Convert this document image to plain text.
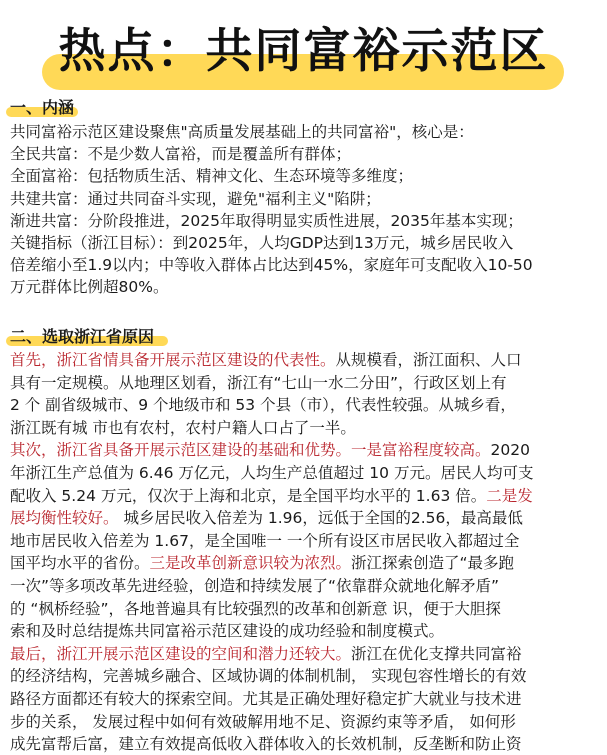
热点：共同富裕示范区
一、内涵
共同富裕示范区建设聚焦"高质量发展基础上的共同富裕"，核心是：
全民共富：不是少数人富裕，而是覆盖所有群体；
全面富裕：包括物质生活、精神文化、生态环境等多维度；
共建共富：通过共同奋斗实现，避免"福利主义"陷阱；
渐进共富：分阶段推进，2025年取得明显实质性进展，2035年基本实现；
关键指标（浙江目标）：到2025年，人均GDP达到13万元，城乡居民收入
倍差缩小至1.9以内；中等收入群体占比达到45%，家庭年可支配收入10-50
万元群体比例超80%。
二、选取浙江省原因
首先，浙江省情具备开展示范区建设的代表性。从规模看，浙江面积、人口
具有一定规模。从地理区划看，浙江有“七山一水二分田”，行政区划上有
2 个 副省级城市、9 个地级市和 53 个县（市），代表性较强。从城乡看，
浙江既有城 市也有农村，农村户籍人口占了一半。
其次，浙江省具备开展示范区建设的基础和优势。一是富裕程度较高。2020
年浙江生产总值为 6.46 万亿元，人均生产总值超过 10 万元。居民人均可支
配收入 5.24 万元，仅次于上海和北京，是全国平均水平的 1.63 倍。二是发
展均衡性较好。 城乡居民收入倍差为 1.96，远低于全国的2.56，最高最低
地市居民收入倍差为 1.67，是全国唯一 一个所有设区市居民收入都超过全
国平均水平的省份。三是改革创新意识较为浓烈。浙江探索创造了“最多跑
一次”等多项改革先进经验，创造和持续发展了“依靠群众就地化解矛盾”
的 “枫桥经验”，各地普遍具有比较强烈的改革和创新意 识，便于大胆探
索和及时总结提炼共同富裕示范区建设的成功经验和制度模式。
最后，浙江开展示范区建设的空间和潜力还较大。浙江在优化支撑共同富裕
的经济结构，完善城乡融合、区域协调的体制机制， 实现包容性增长的有效
路径方面都还有较大的探索空间。尤其是正确处理好稳定扩大就业与技术进
步的关系， 发展过程中如何有效破解用地不足、资源约束等矛盾， 如何形
成先富帮后富，建立有效提高低收入群体收入的长效机制，反垄断和防止资
